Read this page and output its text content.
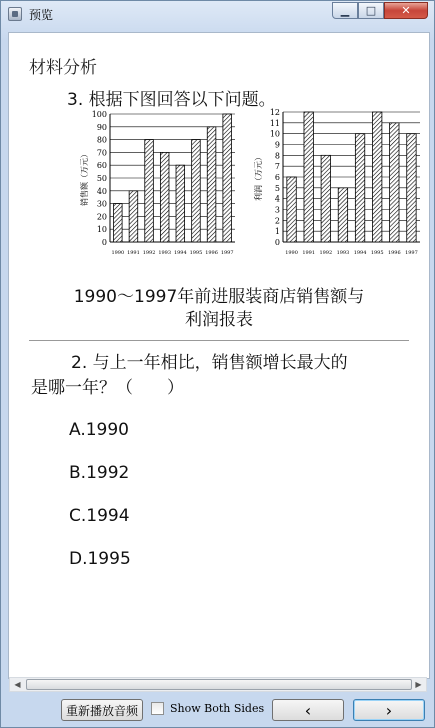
预览	▁	□	✕
材料分析
3. 根据下图回答以下问题。
0
10
20
30
40
50
60
70
80
90
100
1990 1991 1992 1993 1994 1995 1996 1997
销售额（万元）
0
1
2
3
4
5
6
7
8
9
10
11
12
1990 1991 1992 1993 1994 1995 1996 1997
利润（万元）
1990～1997年前进服装商店销售额与
利润报表
2. 与上一年相比，销售额增长最大的
是哪一年？（　　）
A.1990
B.1992
C.1994
D.1995
◀	▶
重新播放音频	Show Both Sides	‹	›
